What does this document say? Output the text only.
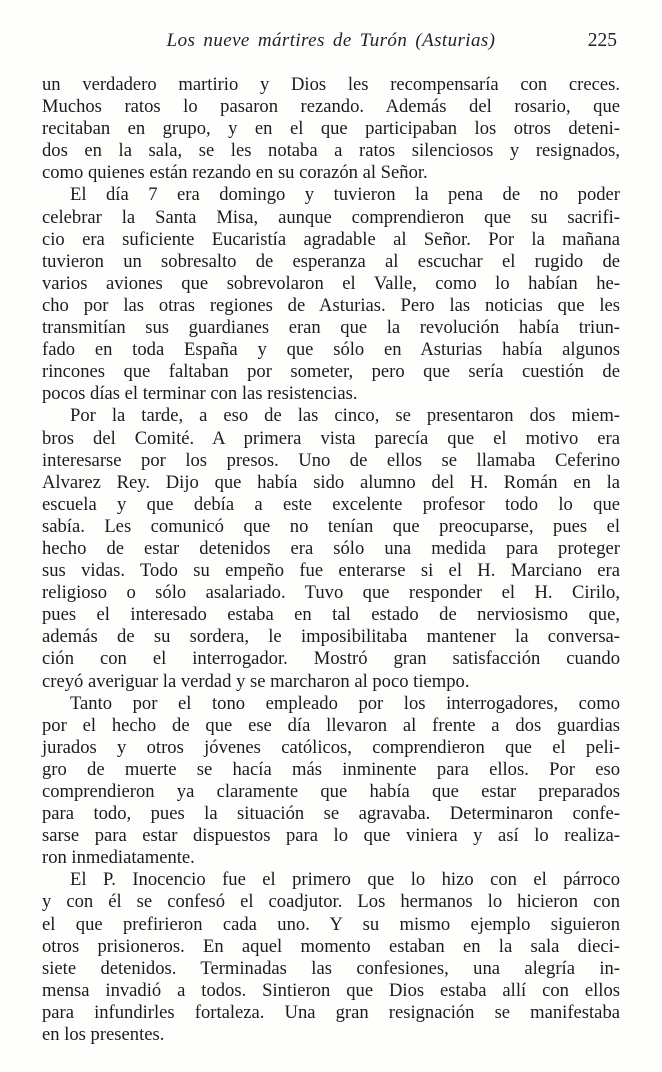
Los nueve mártires de Turón (Asturias)	225
un verdadero martirio y Dios les recompensaría con creces.
Muchos ratos lo pasaron rezando. Además del rosario, que
recitaban en grupo, y en el que participaban los otros deteni-
dos en la sala, se les notaba a ratos silenciosos y resignados,
como quienes están rezando en su corazón al Señor.
El día 7 era domingo y tuvieron la pena de no poder
celebrar la Santa Misa, aunque comprendieron que su sacrifi-
cio era suficiente Eucaristía agradable al Señor. Por la mañana
tuvieron un sobresalto de esperanza al escuchar el rugido de
varios aviones que sobrevolaron el Valle, como lo habían he-
cho por las otras regiones de Asturias. Pero las noticias que les
transmitían sus guardianes eran que la revolución había triun-
fado en toda España y que sólo en Asturias había algunos
rincones que faltaban por someter, pero que sería cuestión de
pocos días el terminar con las resistencias.
Por la tarde, a eso de las cinco, se presentaron dos miem-
bros del Comité. A primera vista parecía que el motivo era
interesarse por los presos. Uno de ellos se llamaba Ceferino
Alvarez Rey. Dijo que había sido alumno del H. Román en la
escuela y que debía a este excelente profesor todo lo que
sabía. Les comunicó que no tenían que preocuparse, pues el
hecho de estar detenidos era sólo una medida para proteger
sus vidas. Todo su empeño fue enterarse si el H. Marciano era
religioso o sólo asalariado. Tuvo que responder el H. Cirilo,
pues el interesado estaba en tal estado de nerviosismo que,
además de su sordera, le imposibilitaba mantener la conversa-
ción con el interrogador. Mostró gran satisfacción cuando
creyó averiguar la verdad y se marcharon al poco tiempo.
Tanto por el tono empleado por los interrogadores, como
por el hecho de que ese día llevaron al frente a dos guardias
jurados y otros jóvenes católicos, comprendieron que el peli-
gro de muerte se hacía más inminente para ellos. Por eso
comprendieron ya claramente que había que estar preparados
para todo, pues la situación se agravaba. Determinaron confe-
sarse para estar dispuestos para lo que viniera y así lo realiza-
ron inmediatamente.
El P. Inocencio fue el primero que lo hizo con el párroco
y con él se confesó el coadjutor. Los hermanos lo hicieron con
el que prefirieron cada uno. Y su mismo ejemplo siguieron
otros prisioneros. En aquel momento estaban en la sala dieci-
siete detenidos. Terminadas las confesiones, una alegría in-
mensa invadió a todos. Sintieron que Dios estaba allí con ellos
para infundirles fortaleza. Una gran resignación se manifestaba
en los presentes.
